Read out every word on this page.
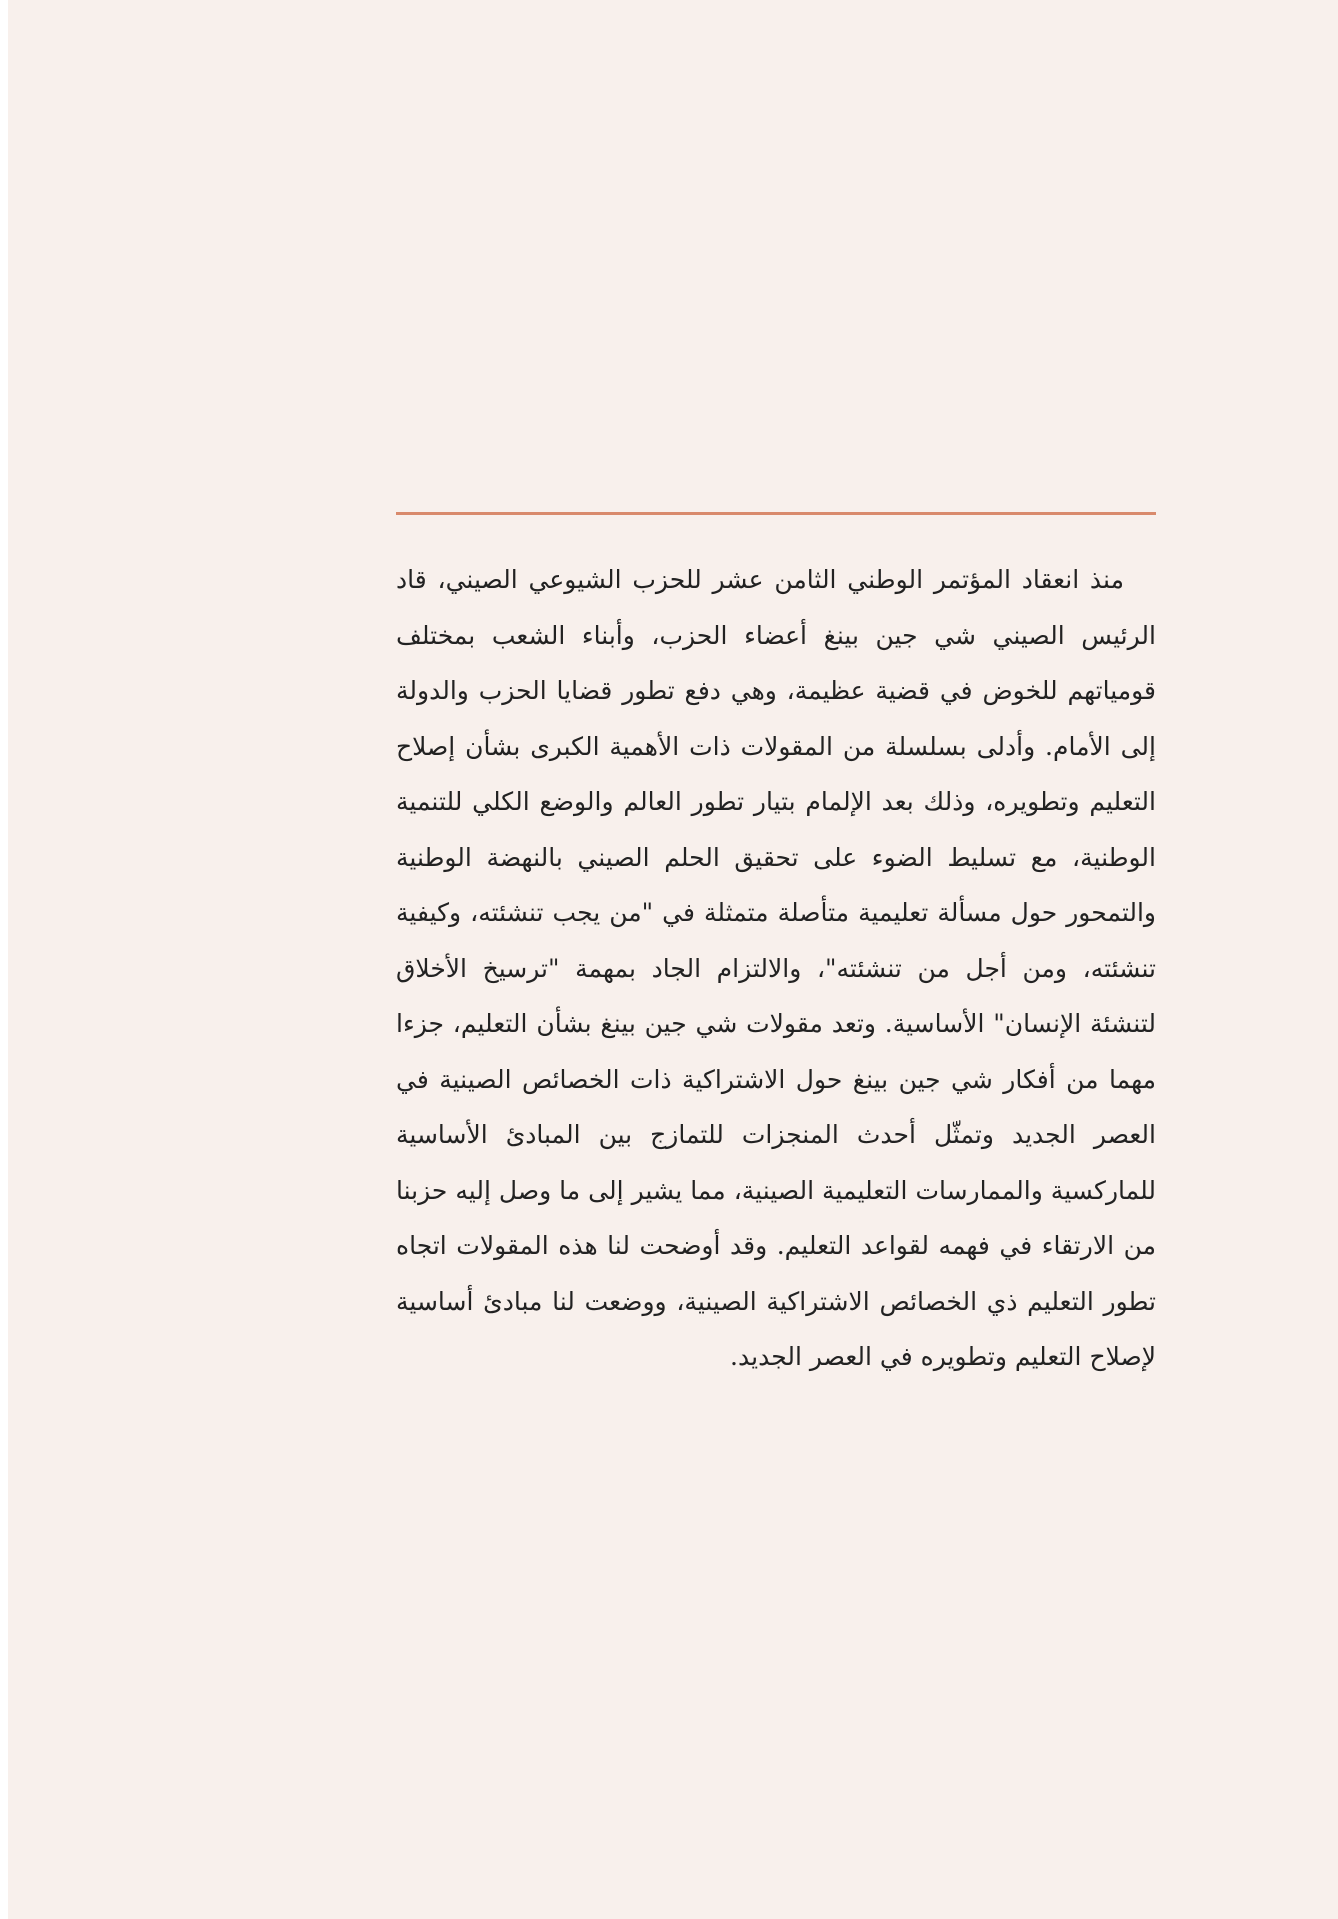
منذ انعقاد المؤتمر الوطني الثامن عشر للحزب الشيوعي الصيني، قاد الرئيس الصيني شي جين بينغ أعضاء الحزب، وأبناء الشعب بمختلف قومياتهم للخوض في قضية عظيمة، وهي دفع تطور قضايا الحزب والدولة إلى الأمام. وأدلى بسلسلة من المقولات ذات الأهمية الكبرى بشأن إصلاح التعليم وتطويره، وذلك بعد الإلمام بتيار تطور العالم والوضع الكلي للتنمية الوطنية، مع تسليط الضوء على تحقيق الحلم الصيني بالنهضة الوطنية والتمحور حول مسألة تعليمية متأصلة متمثلة في "من يجب تنشئته، وكيفية تنشئته، ومن أجل من تنشئته"، والالتزام الجاد بمهمة "ترسيخ الأخلاق لتنشئة الإنسان" الأساسية. وتعد مقولات شي جين بينغ بشأن التعليم، جزءا مهما من أفكار شي جين بينغ حول الاشتراكية ذات الخصائص الصينية في العصر الجديد وتمثّل أحدث المنجزات للتمازج بين المبادئ الأساسية للماركسية والممارسات التعليمية الصينية، مما يشير إلى ما وصل إليه حزبنا من الارتقاء في فهمه لقواعد التعليم. وقد أوضحت لنا هذه المقولات اتجاه تطور التعليم ذي الخصائص الاشتراكية الصينية، ووضعت لنا مبادئ أساسية لإصلاح التعليم وتطويره في العصر الجديد.
